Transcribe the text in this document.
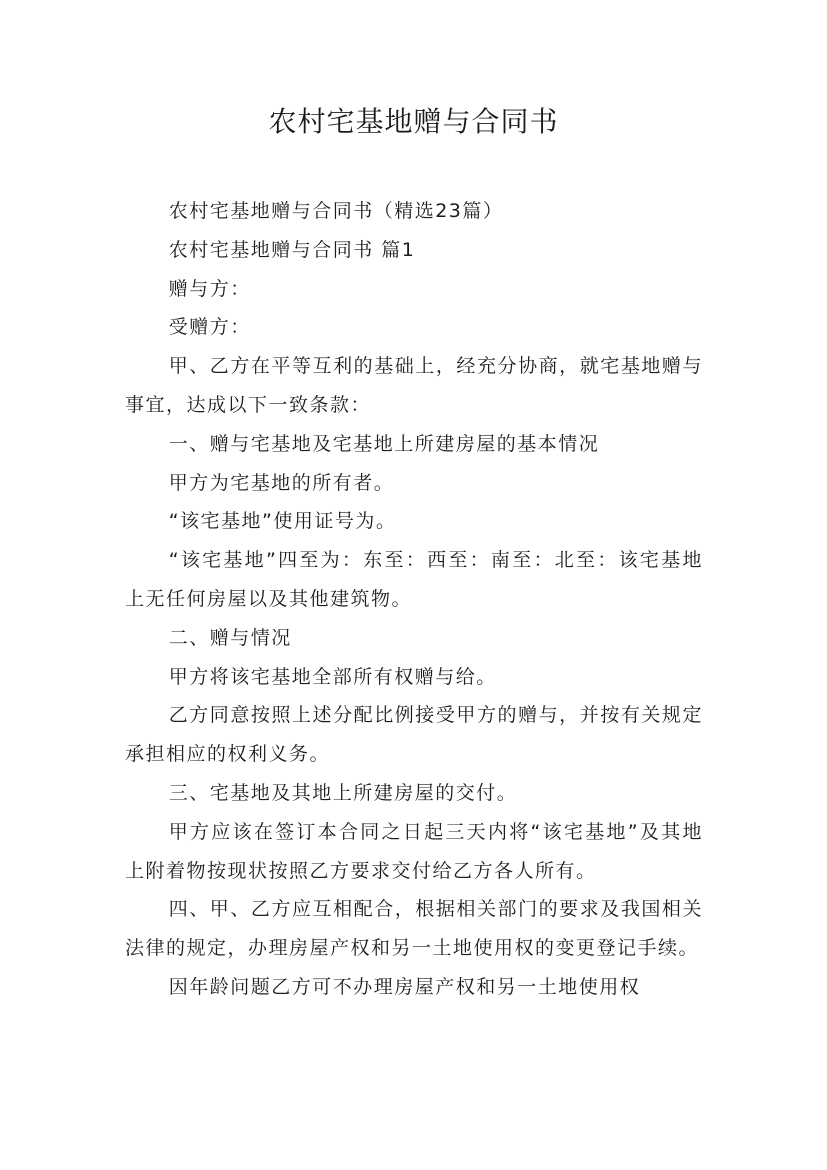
农村宅基地赠与合同书

农村宅基地赠与合同书（精选23篇）

农村宅基地赠与合同书 篇1

赠与方：

受赠方：

甲、乙方在平等互利的基础上，经充分协商，就宅基地赠与事宜，达成以下一致条款：

一、赠与宅基地及宅基地上所建房屋的基本情况

甲方为宅基地的所有者。

“该宅基地”使用证号为。

“该宅基地”四至为：东至：西至：南至：北至：该宅基地上无任何房屋以及其他建筑物。

二、赠与情况

甲方将该宅基地全部所有权赠与给。

乙方同意按照上述分配比例接受甲方的赠与，并按有关规定承担相应的权利义务。

三、宅基地及其地上所建房屋的交付。

甲方应该在签订本合同之日起三天内将“该宅基地”及其地上附着物按现状按照乙方要求交付给乙方各人所有。

四、甲、乙方应互相配合，根据相关部门的要求及我国相关法律的规定，办理房屋产权和另一土地使用权的变更登记手续。

因年龄问题乙方可不办理房屋产权和另一土地使用权
